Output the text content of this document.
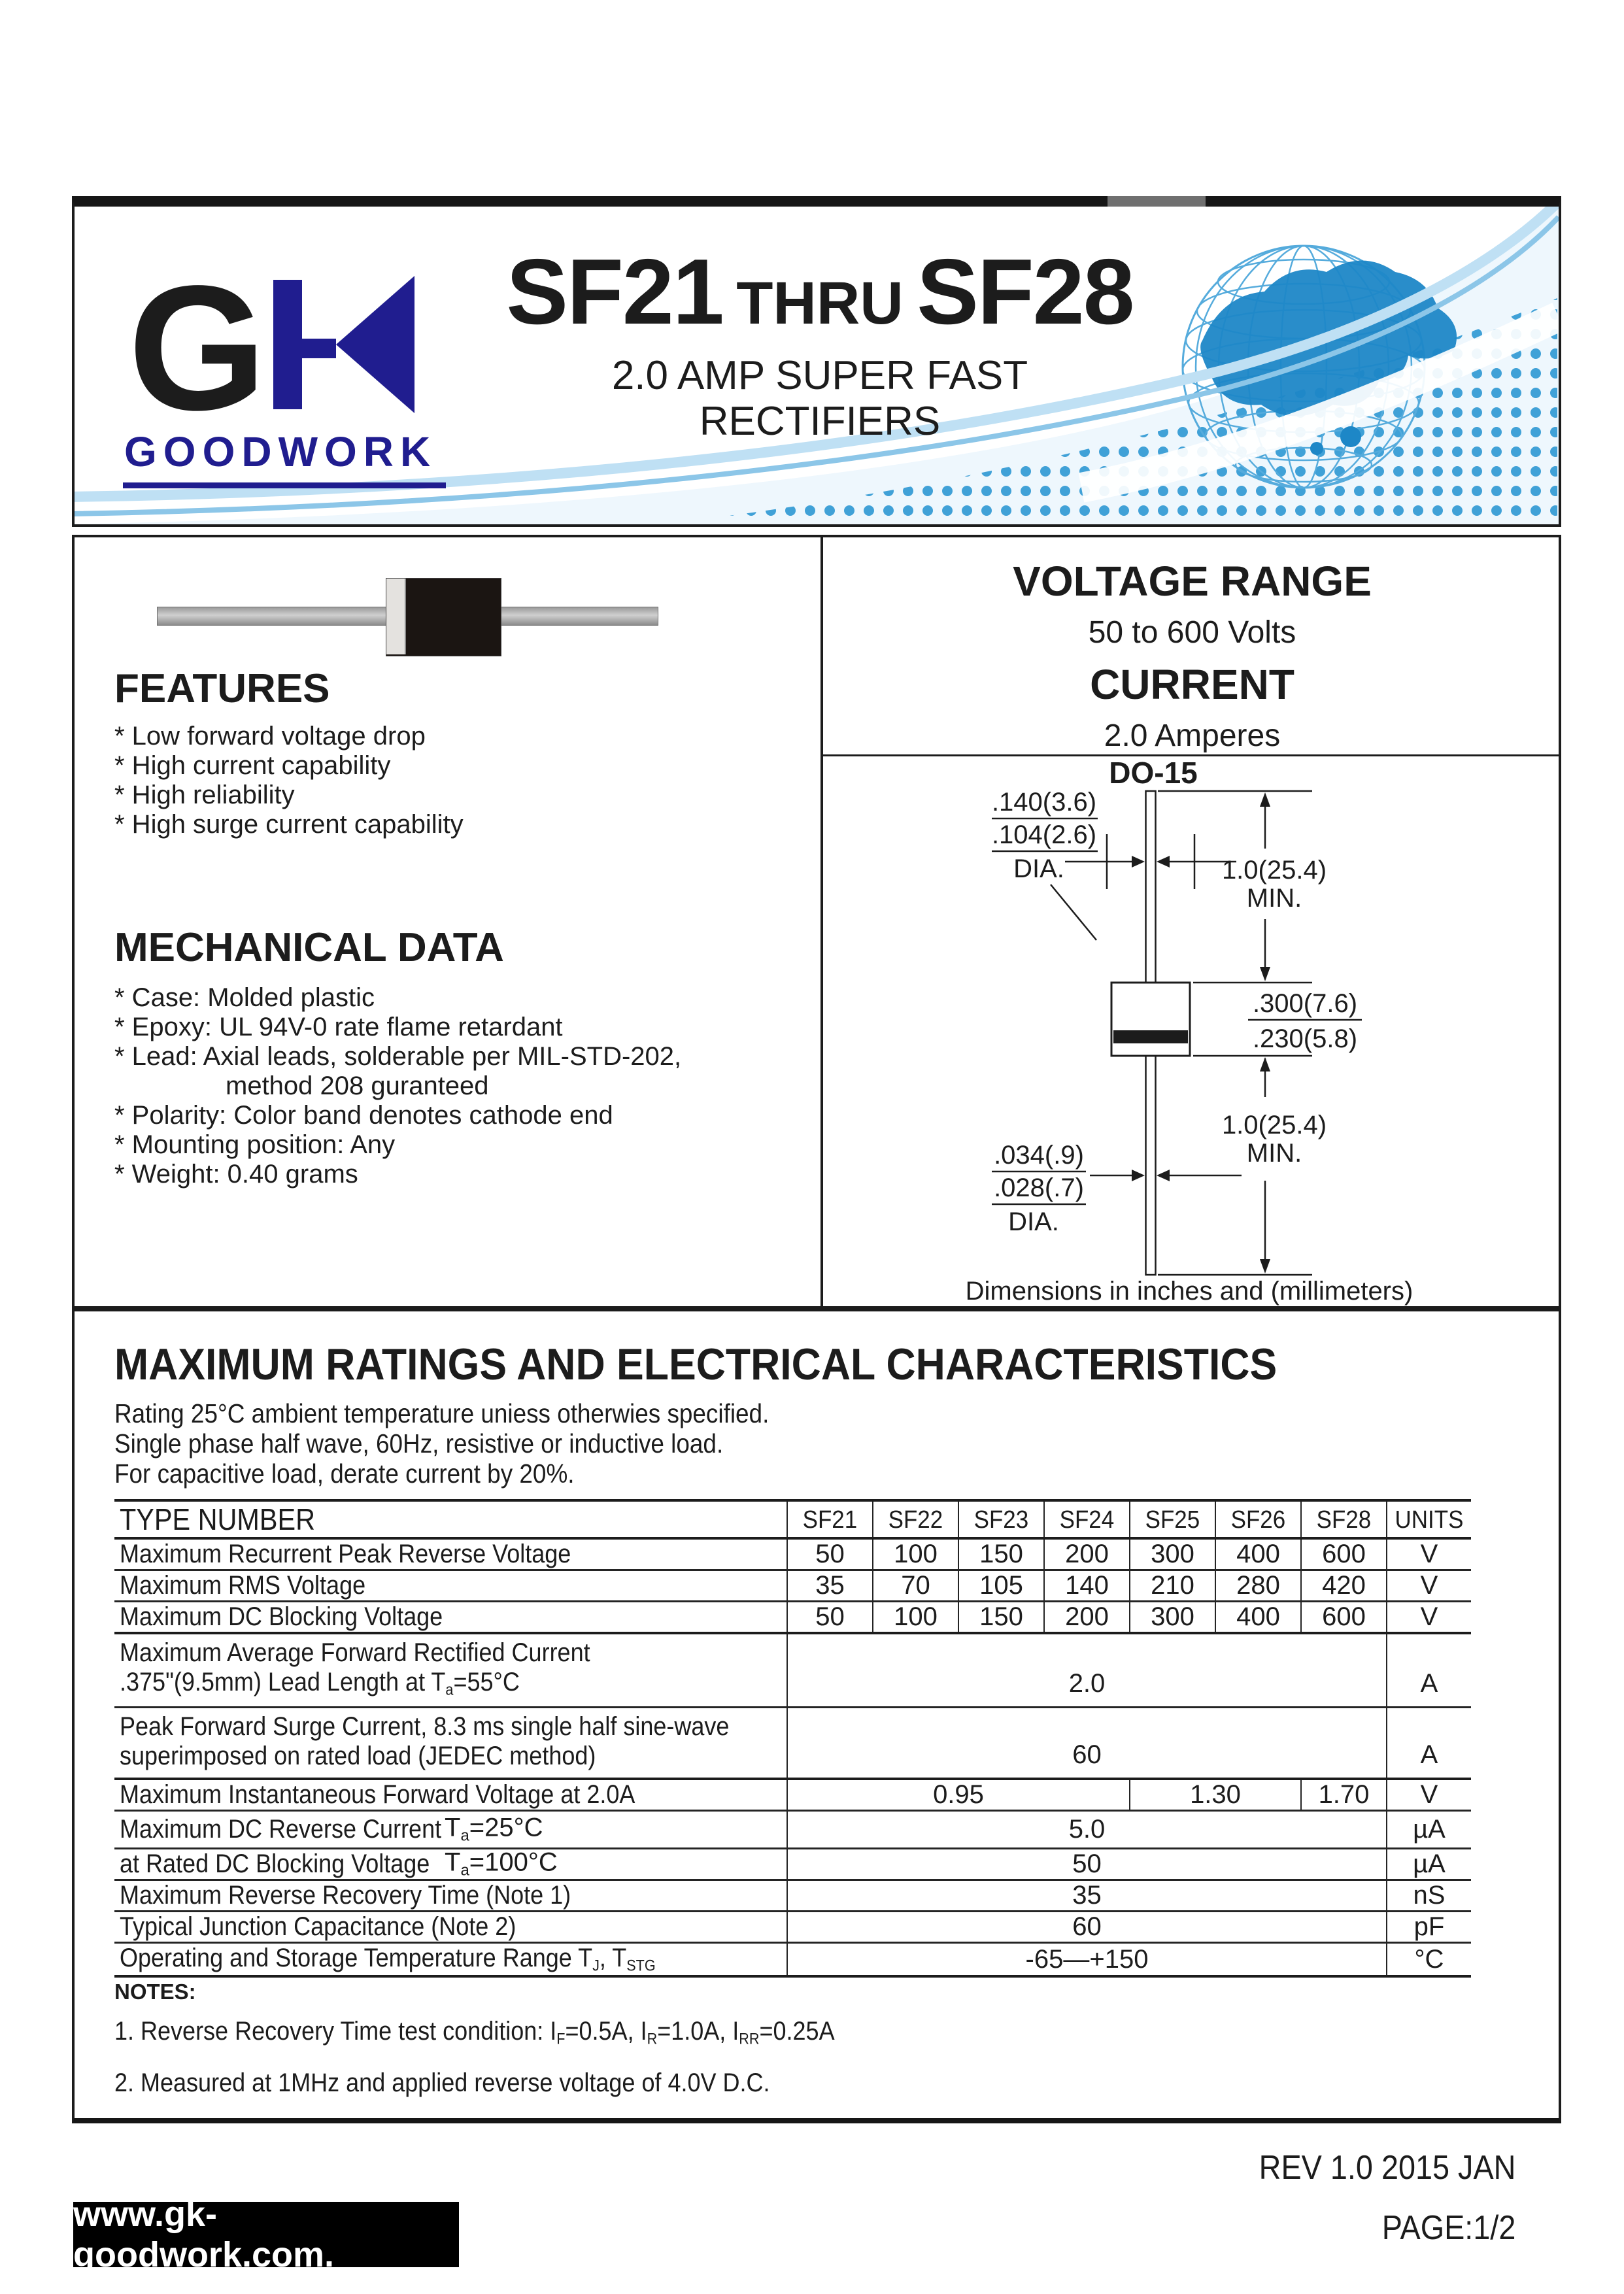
G
GOODWORK
SF21 THRU SF28
2.0 AMP SUPER FAST RECTIFIERS
FEATURES
* Low forward voltage drop
* High current capability
* High reliability
* High surge current capability
MECHANICAL DATA
* Case: Molded plastic
* Epoxy: UL 94V-0 rate flame retardant
* Lead: Axial leads, solderable per MIL-STD-202,
method 208 guranteed
* Polarity: Color band denotes cathode end
* Mounting position: Any
* Weight: 0.40 grams
VOLTAGE RANGE
50 to 600 Volts
CURRENT
2.0 Amperes
DO-15
.140(3.6)
.104(2.6)
DIA.	1.0(25.4)
MIN.
.300(7.6)
.230(5.8)
1.0(25.4)
MIN.
.034(.9)
.028(.7)
DIA.
Dimensions in inches and (millimeters)
MAXIMUM RATINGS AND ELECTRICAL CHARACTERISTICS
Rating 25°C ambient temperature uniess otherwies specified.
Single phase half wave, 60Hz, resistive or inductive load.
For capacitive load, derate current by 20%.
TYPE NUMBER	SF21	SF22	SF23	SF24	SF25	SF26	SF28	UNITS
Maximum Recurrent Peak Reverse Voltage	50	100	150	200	300	400	600	V
Maximum RMS Voltage	35	70	105	140	210	280	420	V
Maximum DC Blocking Voltage	50	100	150	200	300	400	600	V

Maximum Average Forward Rectified Current
.375"(9.5mm) Lead Length at $T_a=55^\circ C$	2.0							A

Peak Forward Surge Current, 8.3 ms single half sine-wave
superimposed on rated load (JEDEC method)	60							A
Maximum Instantaneous Forward Voltage at 2.0A	0.95				1.30		1.70	V
Maximum DC Reverse Current $T_a=25^\circ C$	5.0							µA
at Rated DC Blocking Voltage $T_a=100^\circ C$	50							µA
Maximum Reverse Recovery Time (Note 1)	35							nS
Typical Junction Capacitance (Note 2)	60							pF
Operating and Storage Temperature Range $T_J$, $T_{STG}$	-65—+150							°C
NOTES:
1. Reverse Recovery Time test condition: $I_F=0.5A$, $I_R=1.0A$, $I_{RR}=0.25A$
2. Measured at 1MHz and applied reverse voltage of 4.0V D.C.
www.gk-goodwork.com.
REV 1.0 2015 JAN
PAGE:1/2
